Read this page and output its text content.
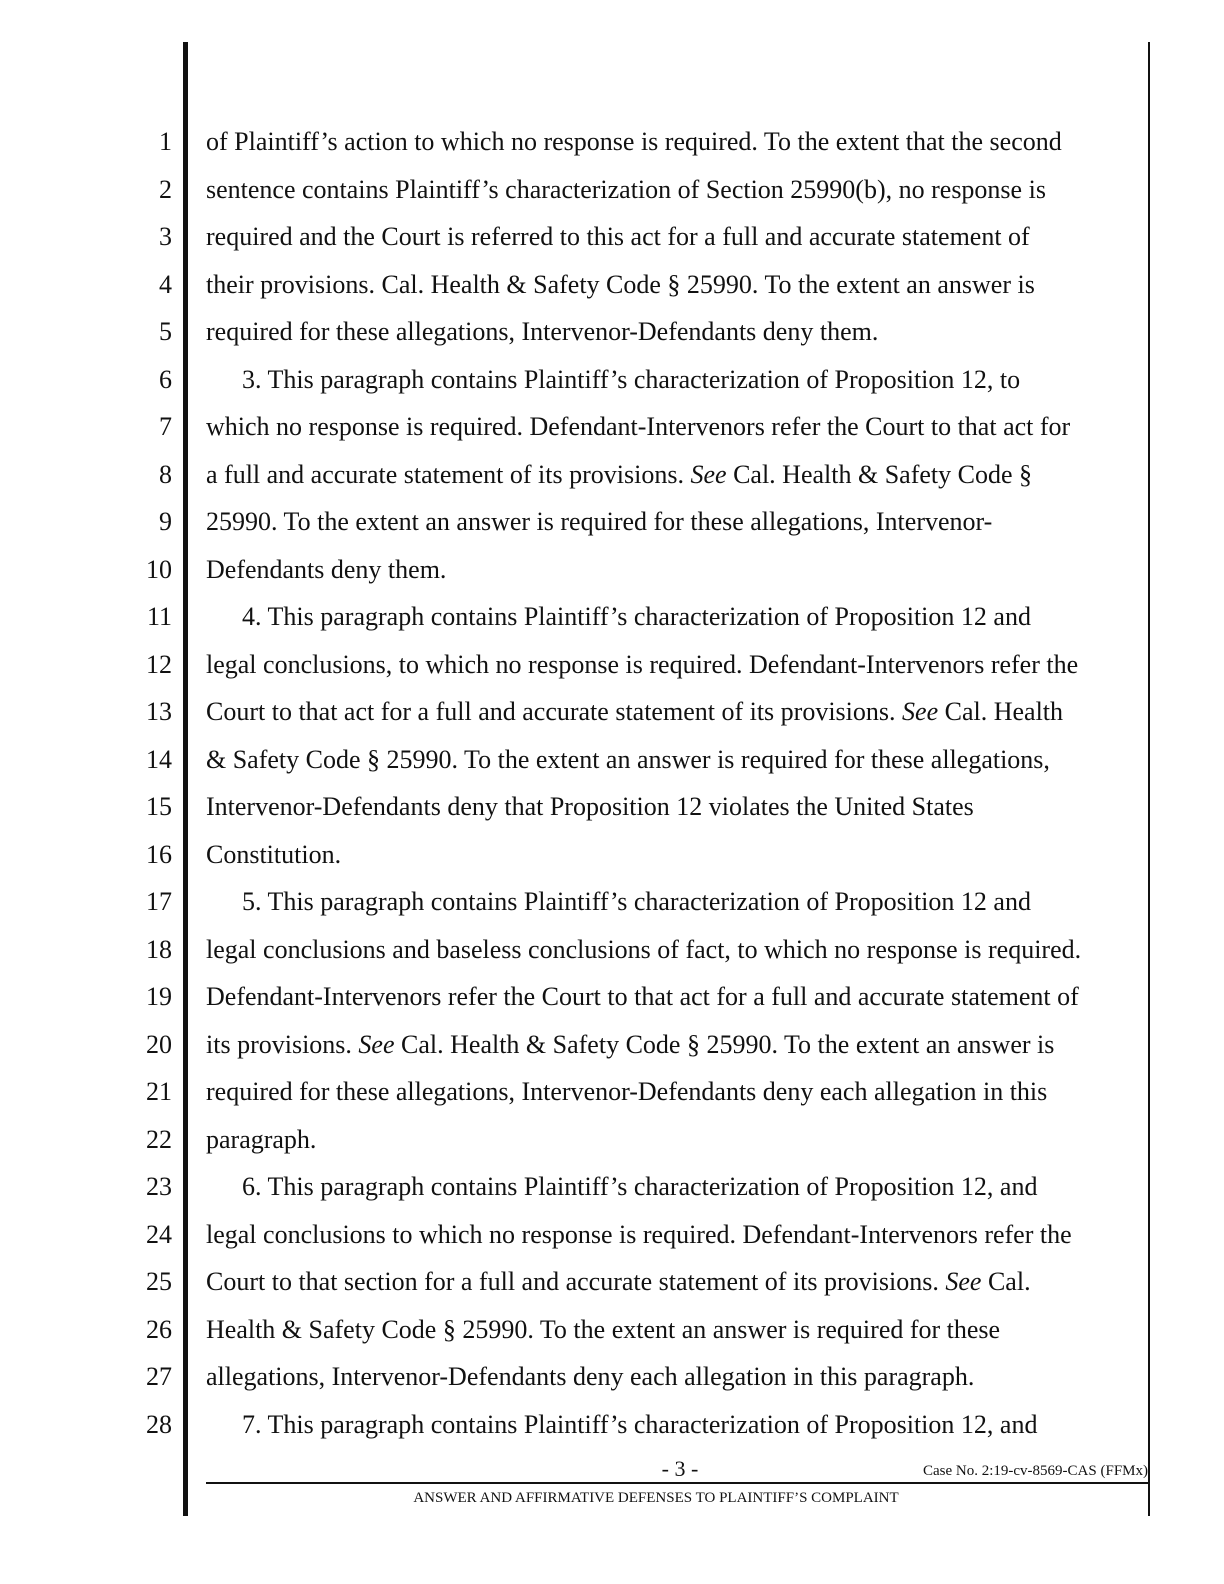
1
2
3
4
5
6
7
8
9
10
11
12
13
14
15
16
17
18
19
20
21
22
23
24
25
26
27
28
of Plaintiff’s action to which no response is required. To the extent that the second
sentence contains Plaintiff’s characterization of Section 25990(b), no response is
required and the Court is referred to this act for a full and accurate statement of
their provisions. Cal. Health & Safety Code § 25990. To the extent an answer is
required for these allegations, Intervenor-Defendants deny them.
3. This paragraph contains Plaintiff’s characterization of Proposition 12, to
which no response is required. Defendant-Intervenors refer the Court to that act for
a full and accurate statement of its provisions. See Cal. Health & Safety Code §
25990. To the extent an answer is required for these allegations, Intervenor-
Defendants deny them.
4. This paragraph contains Plaintiff’s characterization of Proposition 12 and
legal conclusions, to which no response is required. Defendant-Intervenors refer the
Court to that act for a full and accurate statement of its provisions. See Cal. Health
& Safety Code § 25990. To the extent an answer is required for these allegations,
Intervenor-Defendants deny that Proposition 12 violates the United States
Constitution.
5. This paragraph contains Plaintiff’s characterization of Proposition 12 and
legal conclusions and baseless conclusions of fact, to which no response is required.
Defendant-Intervenors refer the Court to that act for a full and accurate statement of
its provisions. See Cal. Health & Safety Code § 25990. To the extent an answer is
required for these allegations, Intervenor-Defendants deny each allegation in this
paragraph.
6. This paragraph contains Plaintiff’s characterization of Proposition 12, and
legal conclusions to which no response is required. Defendant-Intervenors refer the
Court to that section for a full and accurate statement of its provisions. See Cal.
Health & Safety Code § 25990. To the extent an answer is required for these
allegations, Intervenor-Defendants deny each allegation in this paragraph.
7. This paragraph contains Plaintiff’s characterization of Proposition 12, and
- 3 -	Case No. 2:19-cv-8569-CAS (FFMx)
ANSWER AND AFFIRMATIVE DEFENSES TO PLAINTIFF’S COMPLAINT
